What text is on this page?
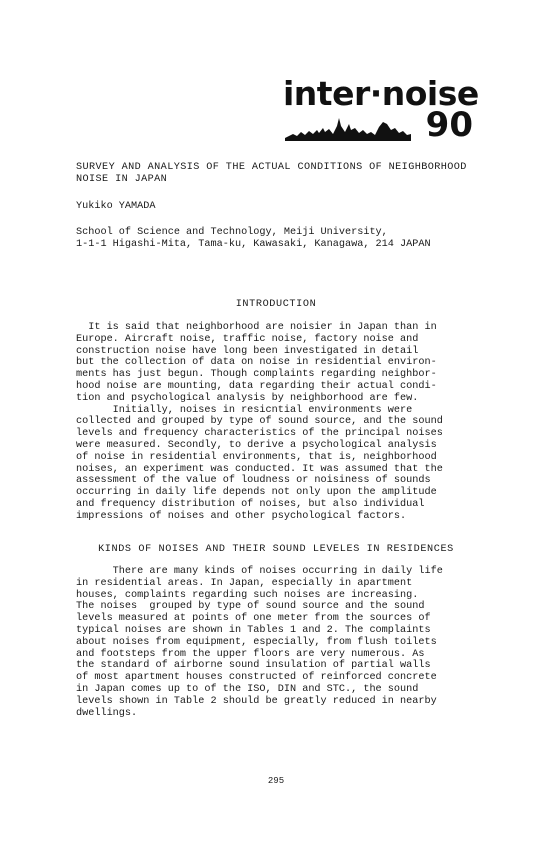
inter·noise
90
SURVEY AND ANALYSIS OF THE ACTUAL CONDITIONS OF NEIGHBORHOOD
NOISE IN JAPAN
Yukiko YAMADA
School of Science and Technology, Meiji University,
1-1-1 Higashi-Mita, Tama-ku, Kawasaki, Kanagawa, 214 JAPAN
INTRODUCTION
It is said that neighborhood are noisier in Japan than in
Europe. Aircraft noise, traffic noise, factory noise and
construction noise have long been investigated in detail
but the collection of data on noise in residential environ-
ments has just begun. Though complaints regarding neighbor-
hood noise are mounting, data regarding their actual condi-
tion and psychological analysis by neighborhood are few.
Initially, noises in resicntial environments were
collected and grouped by type of sound source, and the sound
levels and frequency characteristics of the principal noises
were measured. Secondly, to derive a psychological analysis
of noise in residential environments, that is, neighborhood
noises, an experiment was conducted. It was assumed that the
assessment of the value of loudness or noisiness of sounds
occurring in daily life depends not only upon the amplitude
and frequency distribution of noises, but also individual
impressions of noises and other psychological factors.
KINDS OF NOISES AND THEIR SOUND LEVELES IN RESIDENCES
There are many kinds of noises occurring in daily life
in residential areas. In Japan, especially in apartment
houses, complaints regarding such noises are increasing.
The noises  grouped by type of sound source and the sound
levels measured at points of one meter from the sources of
typical noises are shown in Tables 1 and 2. The complaints
about noises from equipment, especially, from flush toilets
and footsteps from the upper floors are very numerous. As
the standard of airborne sound insulation of partial walls
of most apartment houses constructed of reinforced concrete
in Japan comes up to of the ISO, DIN and STC., the sound
levels shown in Table 2 should be greatly reduced in nearby
dwellings.
295
